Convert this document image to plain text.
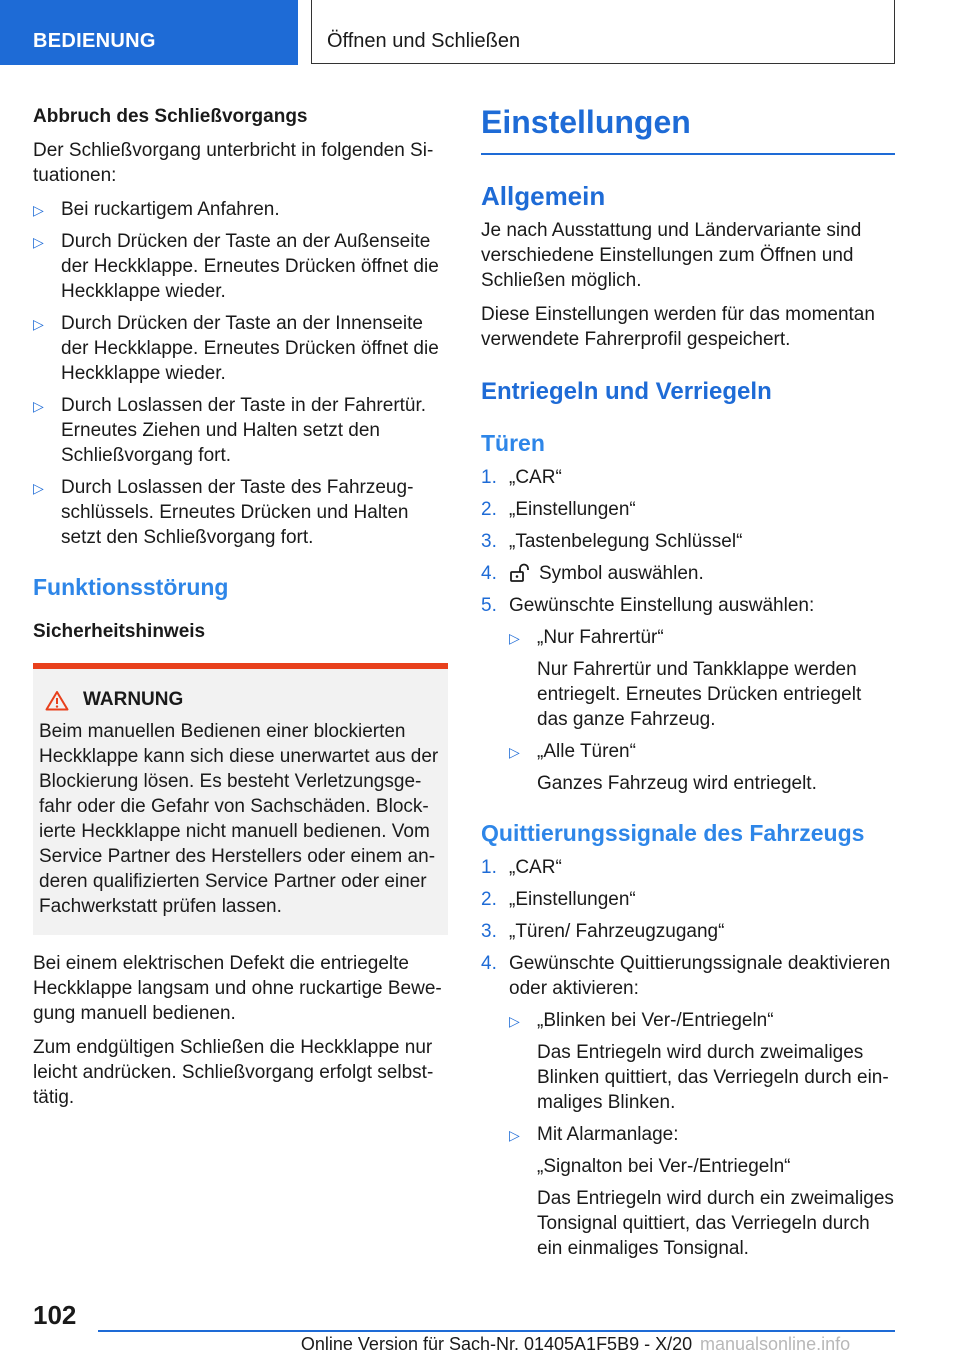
BEDIENUNG	Öffnen und Schließen

Abbruch des Schließvorgangs

Der Schließvorgang unterbricht in folgenden Situationen:

▷ Bei ruckartigem Anfahren.
▷ Durch Drücken der Taste an der Außenseite der Heckklappe. Erneutes Drücken öffnet die Heckklappe wieder.
▷ Durch Drücken der Taste an der Innenseite der Heckklappe. Erneutes Drücken öffnet die Heckklappe wieder.
▷ Durch Loslassen der Taste in der Fahrertür. Erneutes Ziehen und Halten setzt den Schließvorgang fort.
▷ Durch Loslassen der Taste des Fahrzeugschlüssels. Erneutes Drücken und Halten setzt den Schließvorgang fort.
Funktionsstörung
Sicherheitshinweis
WARNUNG

Beim manuellen Bedienen einer blockierten Heckklappe kann sich diese unerwartet aus der Blockierung lösen. Es besteht Verletzungsgefahr oder die Gefahr von Sachschäden. Blockierte Heckklappe nicht manuell bedienen. Vom Service Partner des Herstellers oder einem anderen qualifizierten Service Partner oder einer Fachwerkstatt prüfen lassen.

Bei einem elektrischen Defekt die entriegelte Heckklappe langsam und ohne ruckartige Bewegung manuell bedienen.

Zum endgültigen Schließen die Heckklappe nur leicht andrücken. Schließvorgang erfolgt selbsttätig.

Einstellungen
Allgemein

Je nach Ausstattung und Ländervariante sind verschiedene Einstellungen zum Öffnen und Schließen möglich.

Diese Einstellungen werden für das momentan verwendete Fahrerprofil gespeichert.

Entriegeln und Verriegeln
Türen
1. „CAR“
2. „Einstellungen“
3. „Tastenbelegung Schlüssel“
4. Symbol auswählen.
5. Gewünschte Einstellung auswählen:
▷ „Nur Fahrertür“
Nur Fahrertür und Tankklappe werden entriegelt. Erneutes Drücken entriegelt das ganze Fahrzeug.
▷ „Alle Türen“
Ganzes Fahrzeug wird entriegelt.
Quittierungssignale des Fahrzeugs
1. „CAR“
2. „Einstellungen“
3. „Türen/ Fahrzeugzugang“
4. Gewünschte Quittierungssignale deaktivieren oder aktivieren:
▷ „Blinken bei Ver-/Entriegeln“
Das Entriegeln wird durch zweimaliges Blinken quittiert, das Verriegeln durch einmaliges Blinken.
▷ Mit Alarmanlage:
„Signalton bei Ver-/Entriegeln“
Das Entriegeln wird durch ein zweimaliges Tonsignal quittiert, das Verriegeln durch ein einmaliges Tonsignal.
102
Online Version für Sach-Nr. 01405A1F5B9 - X/20 manualsonline.info
